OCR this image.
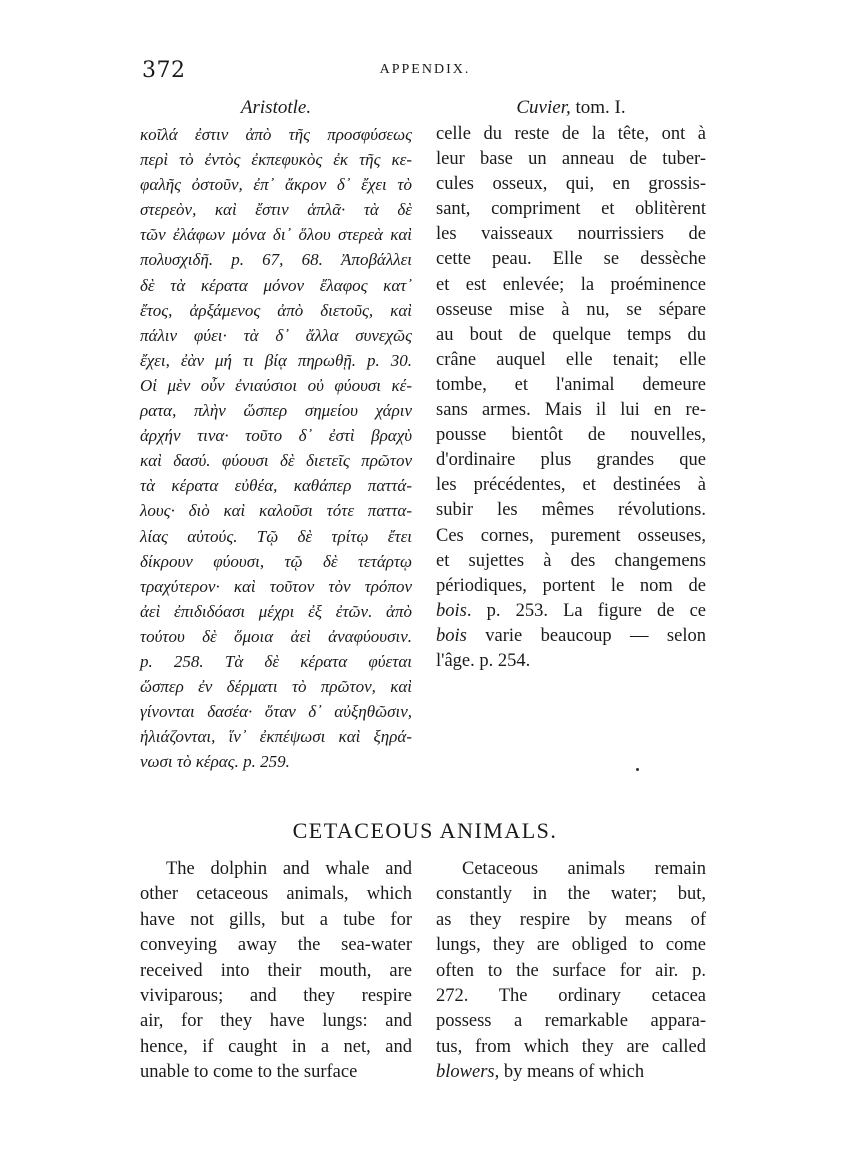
372	APPENDIX.
Aristotle.
κοῖλά ἐστιν ἀπὸ τῆς προσφύσεως
περὶ τὸ ἐντὸς ἐκπεφυκὸς ἐκ τῆς κε-
φαλῆς ὀστοῦν, ἐπ᾽ ἄκρον δ᾽ ἔχει τὸ
στερεὸν, καὶ ἔστιν ἁπλᾶ· τὰ δὲ
τῶν ἐλάφων μόνα δι᾽ ὅλου στερεὰ καὶ
πολυσχιδῆ. p. 67, 68. Ἀποβάλλει
δὲ τὰ κέρατα μόνον ἔλαφος κατ᾽
ἔτος, ἀρξάμενος ἀπὸ διετοῦς, καὶ
πάλιν φύει· τὰ δ᾽ ἄλλα συνεχῶς
ἔχει, ἐὰν μή τι βίᾳ πηρωθῇ. p. 30.
Οἱ μὲν οὖν ἐνιαύσιοι οὐ φύουσι κέ-
ρατα, πλὴν ὥσπερ σημείου χάριν
ἀρχήν τινα· τοῦτο δ᾽ ἐστὶ βραχὺ
καὶ δασύ. φύουσι δὲ διετεῖς πρῶτον
τὰ κέρατα εὐθέα, καθάπερ παττά-
λους· διὸ καὶ καλοῦσι τότε παττα-
λίας αὐτούς. Τῷ δὲ τρίτῳ ἔτει
δίκρουν φύουσι, τῷ δὲ τετάρτῳ
τραχύτερον· καὶ τοῦτον τὸν τρόπον
ἀεὶ ἐπιδιδόασι μέχρι ἐξ ἐτῶν. ἀπὸ
τούτου δὲ ὅμοια ἀεὶ ἀναφύουσιν.
p. 258. Τὰ δὲ κέρατα φύεται
ὥσπερ ἐν δέρματι τὸ πρῶτον, καὶ
γίνονται δασέα· ὅταν δ᾽ αὐξηθῶσιν,
ἡλιάζονται, ἵν᾽ ἐκπέψωσι καὶ ξηρά-
νωσι τὸ κέρας. p. 259.
Cuvier, tom. I.
celle du reste de la tête, ont à
leur base un anneau de tuber-
cules osseux, qui, en grossis-
sant, compriment et oblitèrent
les vaisseaux nourrissiers de
cette peau. Elle se dessèche
et est enlevée; la proéminence
osseuse mise à nu, se sépare
au bout de quelque temps du
crâne auquel elle tenait; elle
tombe, et l'animal demeure
sans armes. Mais il lui en re-
pousse bientôt de nouvelles,
d'ordinaire plus grandes que
les précédentes, et destinées à
subir les mêmes révolutions.
Ces cornes, purement osseuses,
et sujettes à des changemens
périodiques, portent le nom de
bois. p. 253. La figure de ce
bois varie beaucoup — selon
l'âge. p. 254.
CETACEOUS ANIMALS.
The dolphin and whale and
other cetaceous animals, which
have not gills, but a tube for
conveying away the sea-water
received into their mouth, are
viviparous; and they respire
air, for they have lungs: and
hence, if caught in a net, and
unable to come to the surface
Cetaceous animals remain
constantly in the water; but,
as they respire by means of
lungs, they are obliged to come
often to the surface for air. p.
272. The ordinary cetacea
possess a remarkable appara-
tus, from which they are called
blowers, by means of which
